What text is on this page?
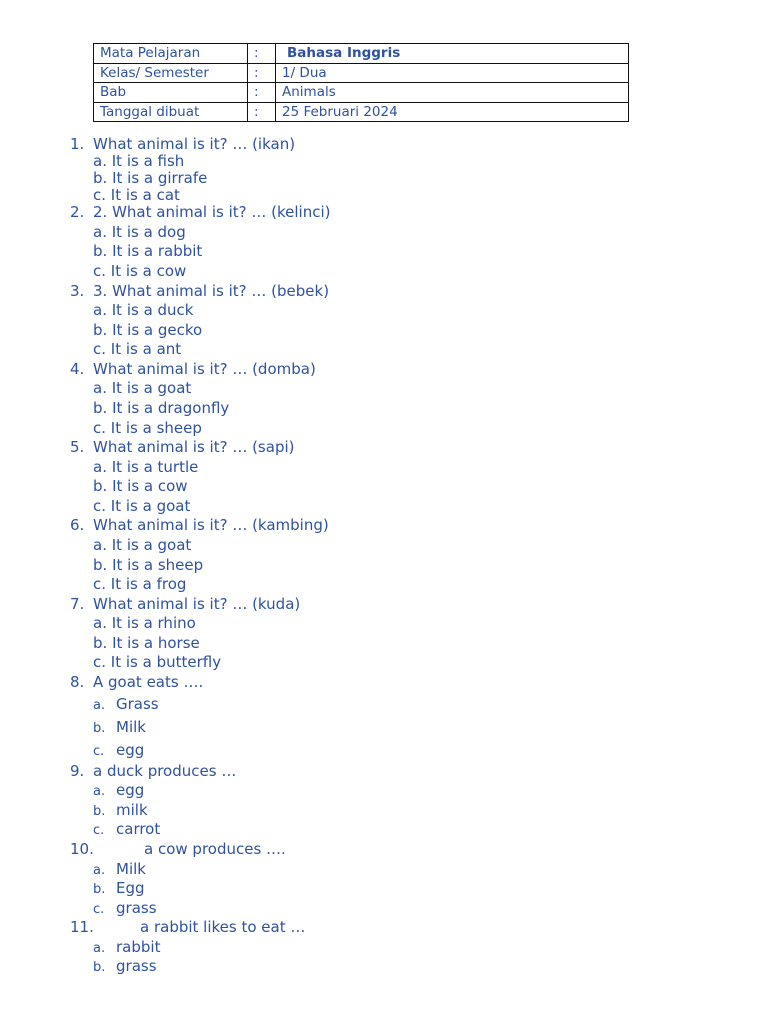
Mata Pelajaran	:	Bahasa Inggris
Kelas/ Semester	:	1/ Dua
Bab	:	Animals
Tanggal dibuat	:	25 Februari 2024
1. What animal is it? … (ikan)
a. It is a fish
b. It is a girrafe
c. It is a cat
2. 2. What animal is it? … (kelinci)
a. It is a dog
b. It is a rabbit
c. It is a cow
3. 3. What animal is it? … (bebek)
a. It is a duck
b. It is a gecko
c. It is a ant
4. What animal is it? … (domba)
a. It is a goat
b. It is a dragonfly
c. It is a sheep
5. What animal is it? … (sapi)
a. It is a turtle
b. It is a cow
c. It is a goat
6. What animal is it? … (kambing)
a. It is a goat
b. It is a sheep
c. It is a frog
7. What animal is it? … (kuda)
a. It is a rhino
b. It is a horse
c. It is a butterfly
8. A goat eats ….
a. Grass
b. Milk
c. egg
9. a duck produces …
a. egg
b. milk
c. carrot
10.	a cow produces ….
a. Milk
b. Egg
c. grass
11.	a rabbit likes to eat …
a. rabbit
b. grass
